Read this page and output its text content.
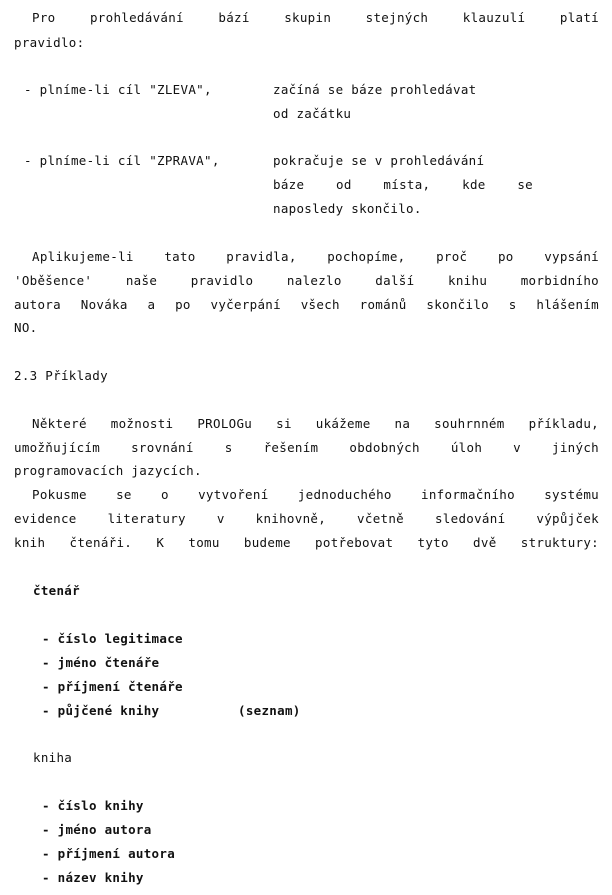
Pro prohledávání bází skupin stejných klauzulí platí
pravidlo:
- plníme-li cíl "ZLEVA",	začíná se báze prohledávat
od začátku
- plníme-li cíl "ZPRAVA",	pokračuje se v prohledávání
báze od místa, kde se
naposledy skončilo.
Aplikujeme-li tato pravidla, pochopíme, proč po vypsání
'Oběšence' naše pravidlo nalezlo další knihu morbidního
autora Nováka a po vyčerpání všech románů skončilo s hlášením
NO.
2.3 Příklady
Některé možnosti PROLOGu si ukážeme na souhrnném příkladu,
umožňujícím srovnání s řešením obdobných úloh v jiných
programovacích jazycích.
Pokusme se o vytvoření jednoduchého informačního systému
evidence literatury v knihovně, včetně sledování výpůjček
knih čtenáři. K tomu budeme potřebovat tyto dvě struktury:
čtenář
- číslo legitimace
- jméno čtenáře
- příjmení čtenáře
- půjčené knihy	(seznam)
kniha
- číslo knihy
- jméno autora
- příjmení autora
- název knihy
